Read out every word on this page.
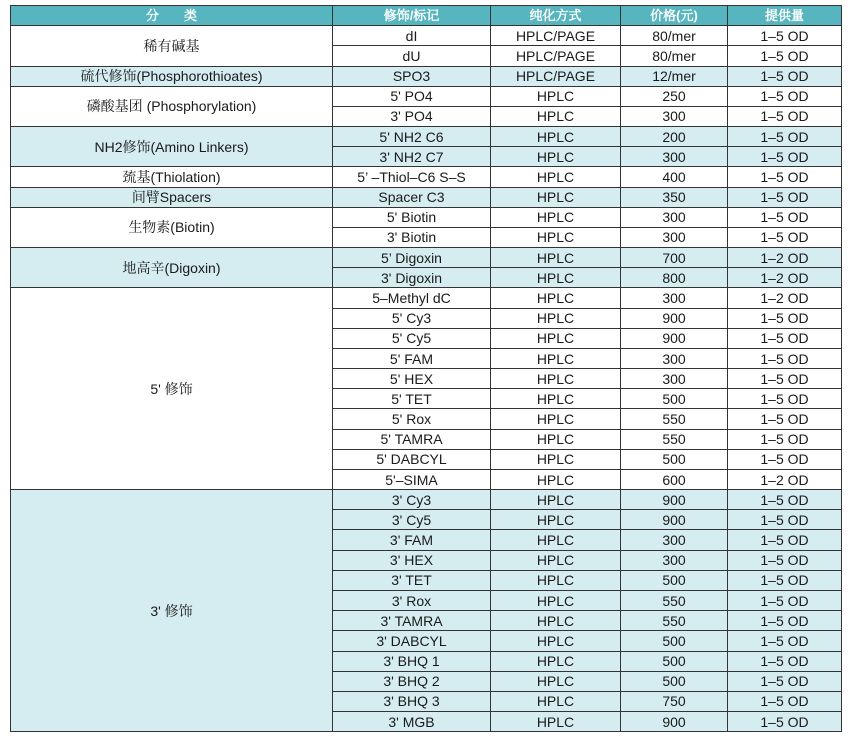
分　类	修饰/标记	纯化方式	价格(元)	提供量
稀有碱基	dI	HPLC/PAGE	80/mer	1–5 OD
	dU	HPLC/PAGE	80/mer	1–5 OD
硫代修饰(Phosphorothioates)	SPO3	HPLC/PAGE	12/mer	1–5 OD
磷酸基团 (Phosphorylation)	5' PO4	HPLC	250	1–5 OD
	3' PO4	HPLC	300	1–5 OD
NH2修饰(Amino Linkers)	5' NH2 C6	HPLC	200	1–5 OD
	3' NH2 C7	HPLC	300	1–5 OD
巯基(Thiolation)	5’ –Thiol–C6 S–S	HPLC	400	1–5 OD
间臂Spacers	Spacer C3	HPLC	350	1–5 OD
生物素(Biotin)	5' Biotin	HPLC	300	1–5 OD
	3' Biotin	HPLC	300	1–5 OD
地高辛(Digoxin)	5’ Digoxin	HPLC	700	1–2 OD
	3' Digoxin	HPLC	800	1–2 OD
5' 修饰	5–Methyl dC	HPLC	300	1–2 OD
	5' Cy3	HPLC	900	1–5 OD
	5' Cy5	HPLC	900	1–5 OD
	5' FAM	HPLC	300	1–5 OD
	5' HEX	HPLC	300	1–5 OD
	5' TET	HPLC	500	1–5 OD
	5' Rox	HPLC	550	1–5 OD
	5' TAMRA	HPLC	550	1–5 OD
	5' DABCYL	HPLC	500	1–5 OD
	5'–SIMA	HPLC	600	1–2 OD
3' 修饰	3' Cy3	HPLC	900	1–5 OD
	3' Cy5	HPLC	900	1–5 OD
	3' FAM	HPLC	300	1–5 OD
	3' HEX	HPLC	300	1–5 OD
	3' TET	HPLC	500	1–5 OD
	3' Rox	HPLC	550	1–5 OD
	3' TAMRA	HPLC	550	1–5 OD
	3' DABCYL	HPLC	500	1–5 OD
	3' BHQ 1	HPLC	500	1–5 OD
	3' BHQ 2	HPLC	500	1–5 OD
	3' BHQ 3	HPLC	750	1–5 OD
	3' MGB	HPLC	900	1–5 OD
